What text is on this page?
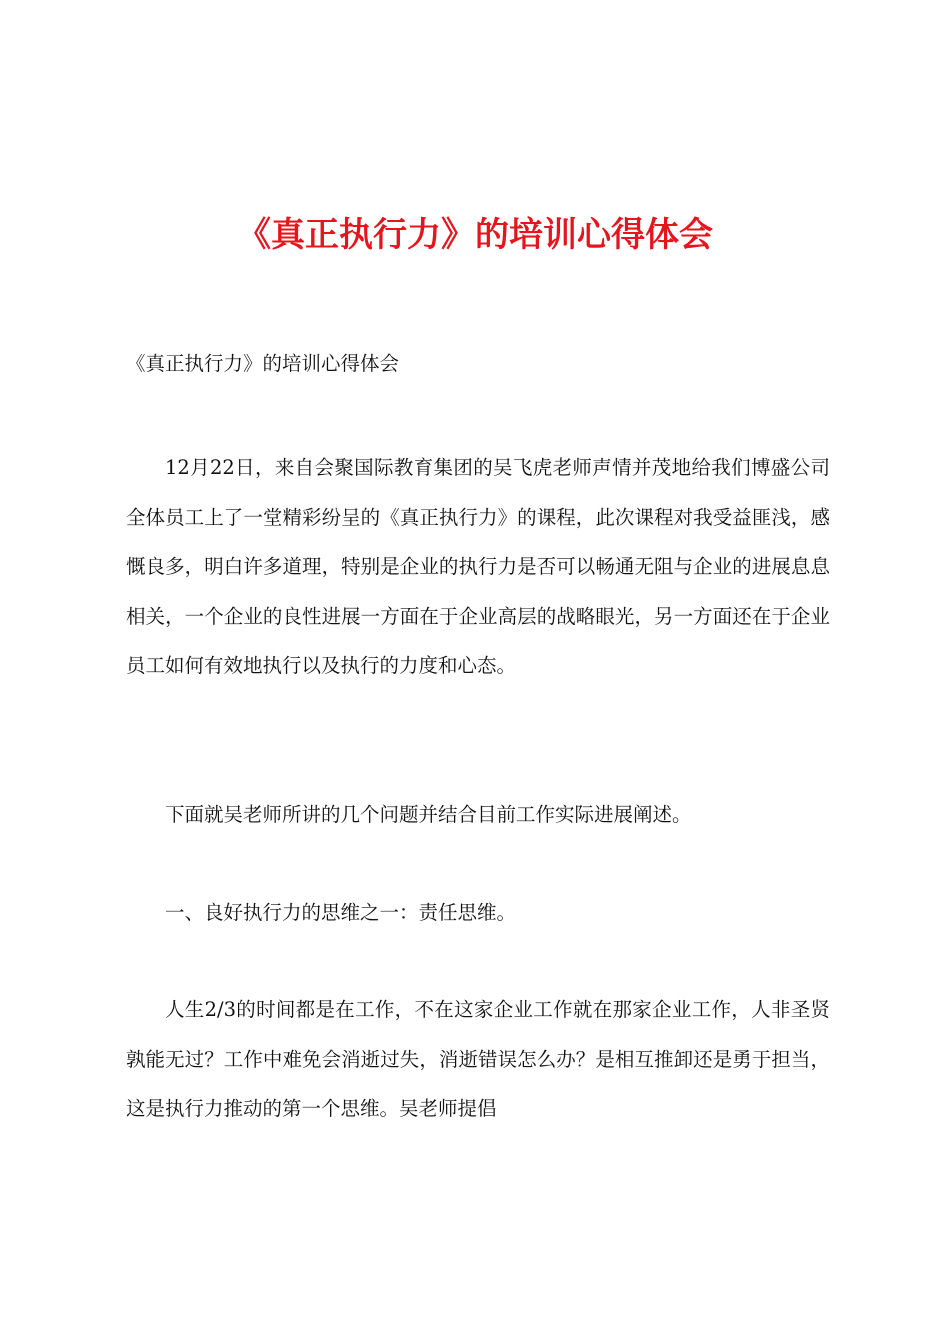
《真正执行力》的培训心得体会

《真正执行力》的培训心得体会

12月22日，来自会聚国际教育集团的吴飞虎老师声情并茂地给我们博盛公司全体员工上了一堂精彩纷呈的《真正执行力》的课程，此次课程对我受益匪浅，感慨良多，明白许多道理，特别是企业的执行力是否可以畅通无阻与企业的进展息息相关，一个企业的良性进展一方面在于企业高层的战略眼光，另一方面还在于企业员工如何有效地执行以及执行的力度和心态。

下面就吴老师所讲的几个问题并结合目前工作实际进展阐述。

一、良好执行力的思维之一：责任思维。

人生2/3的时间都是在工作，不在这家企业工作就在那家企业工作，人非圣贤孰能无过？工作中难免会消逝过失，消逝错误怎么办？是相互推卸还是勇于担当，这是执行力推动的第一个思维。吴老师提倡
